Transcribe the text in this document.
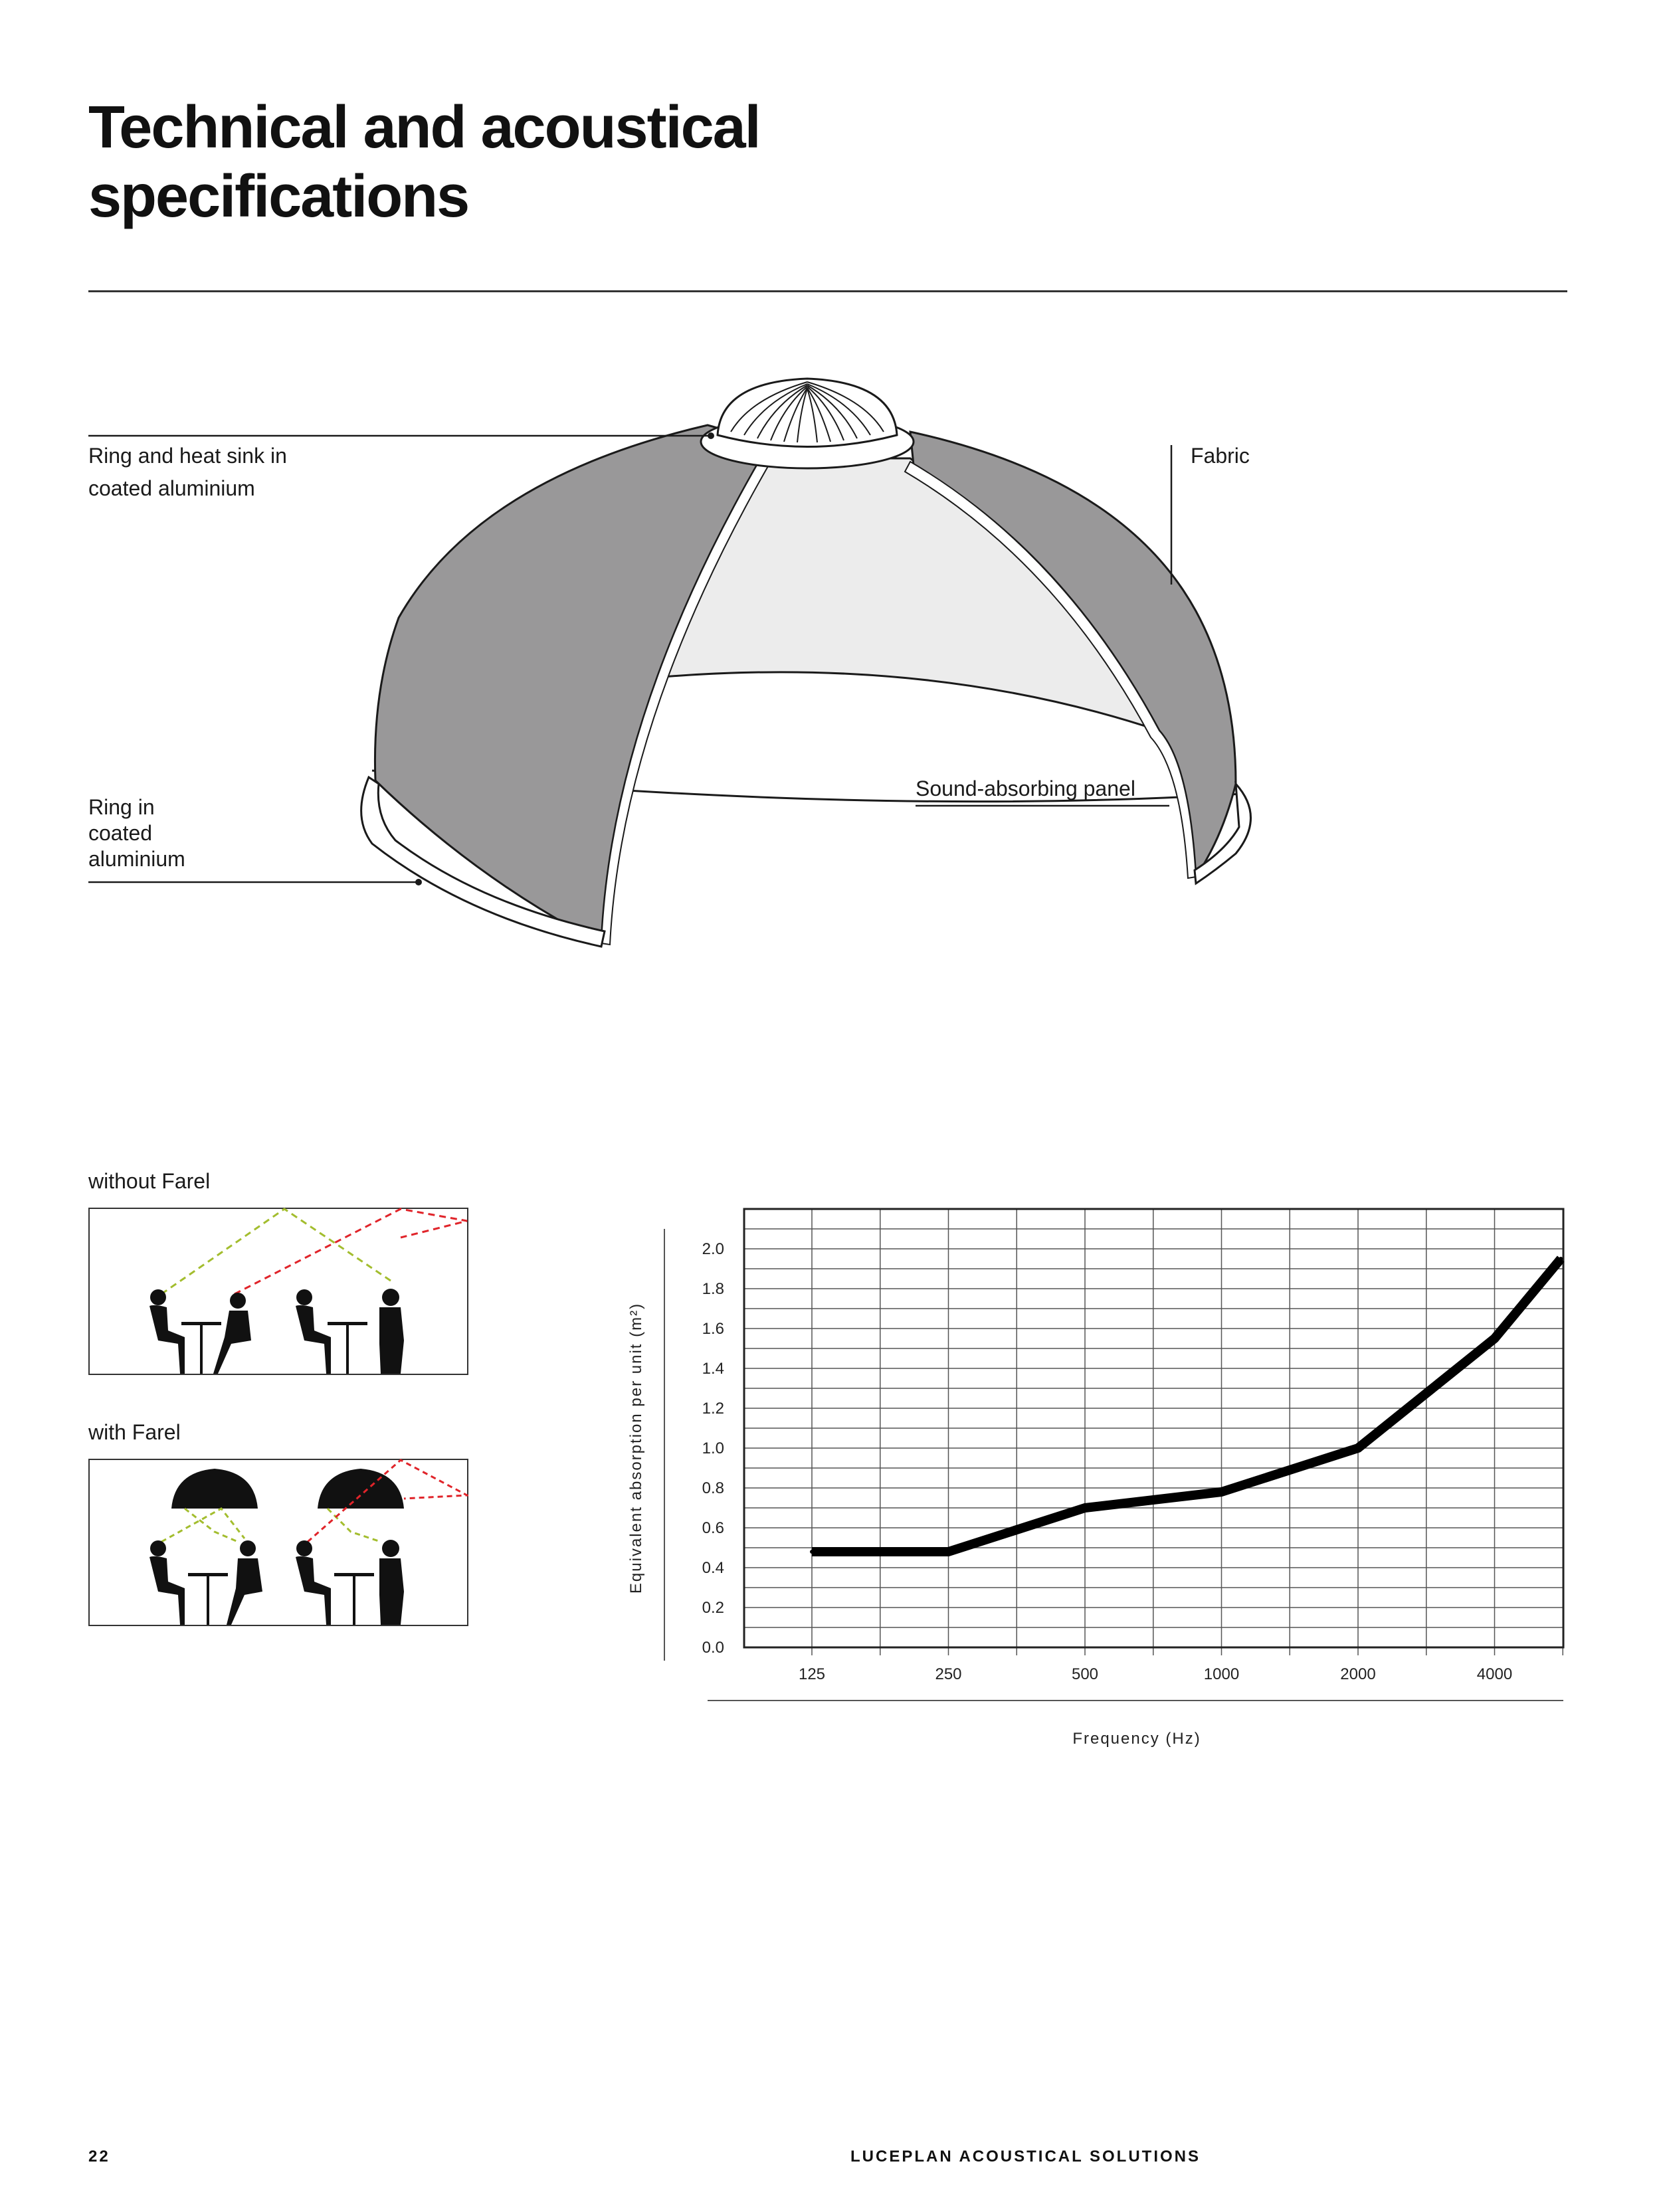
Technical and acoustical
specifications
Ring and heat sink in coated aluminium
Fabric
Sound-absorbing panel
Ring in coated aluminium
without Farel
with Farel
0.0
0.2
0.4
0.6
0.8
1.0
1.2
1.4
1.6
1.8
2.0
125	250	500	1000	2000	4000
Equivalent absorption per unit (m²)
Frequency (Hz)
22	LUCEPLAN ACOUSTICAL SOLUTIONS
